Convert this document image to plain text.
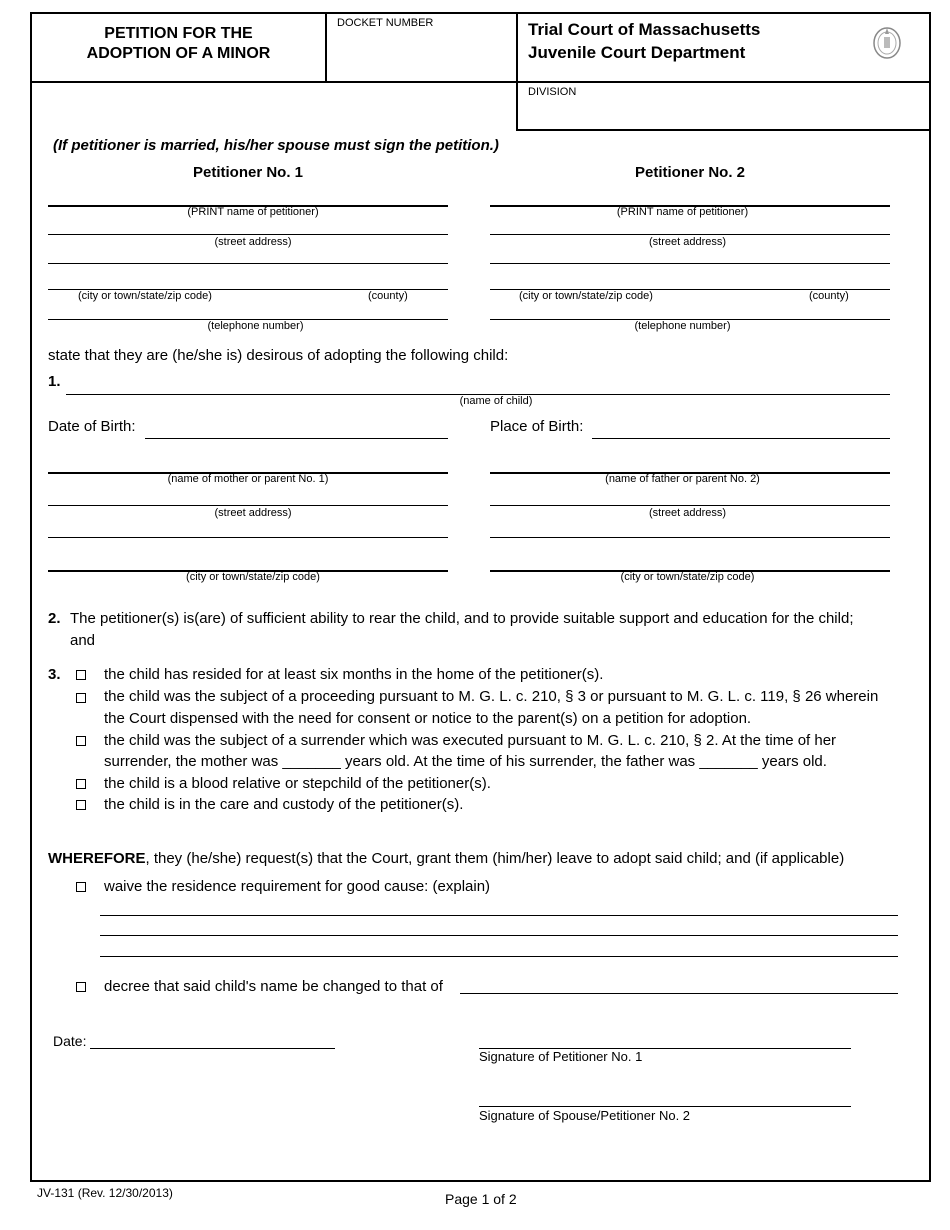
PETITION FOR THE
ADOPTION OF A MINOR
DOCKET NUMBER	Trial Court of Massachusetts
Juvenile Court Department
DIVISION
(If petitioner is married, his/her spouse must sign the petition.)
Petitioner No. 1	Petitioner No. 2
(PRINT name of petitioner)
(street address)
(city or town/state/zip code)	(county)
(telephone number)
(PRINT name of petitioner)
(street address)
(city or town/state/zip code)	(county)
(telephone number)
state that they are (he/she is) desirous of adopting the following child:
1.
(name of child)
Date of Birth:	Place of Birth:
(name of mother or parent No. 1)
(street address)
(city or town/state/zip code)
(name of father or parent No. 2)
(street address)
(city or town/state/zip code)
2. The petitioner(s) is(are) of sufficient ability to rear the child, and to provide suitable support and education for the child;
and
3.	the child has resided for at least six months in the home of the petitioner(s).
the child was the subject of a proceeding pursuant to M. G. L. c. 210, § 3 or pursuant to M. G. L. c. 119, § 26 wherein
the Court dispensed with the need for consent or notice to the parent(s) on a petition for adoption.
the child was the subject of a surrender which was executed pursuant to M. G. L. c. 210, § 2. At the time of her
surrender, the mother was _______ years old. At the time of his surrender, the father was _______ years old.
the child is a blood relative or stepchild of the petitioner(s).
the child is in the care and custody of the petitioner(s).
WHEREFORE, they (he/she) request(s) that the Court, grant them (him/her) leave to adopt said child; and (if applicable)
waive the residence requirement for good cause: (explain)
decree that said child's name be changed to that of
Date:
Signature of Petitioner No. 1
Signature of Spouse/Petitioner No. 2
JV-131 (Rev. 12/30/2013)	Page 1 of 2
